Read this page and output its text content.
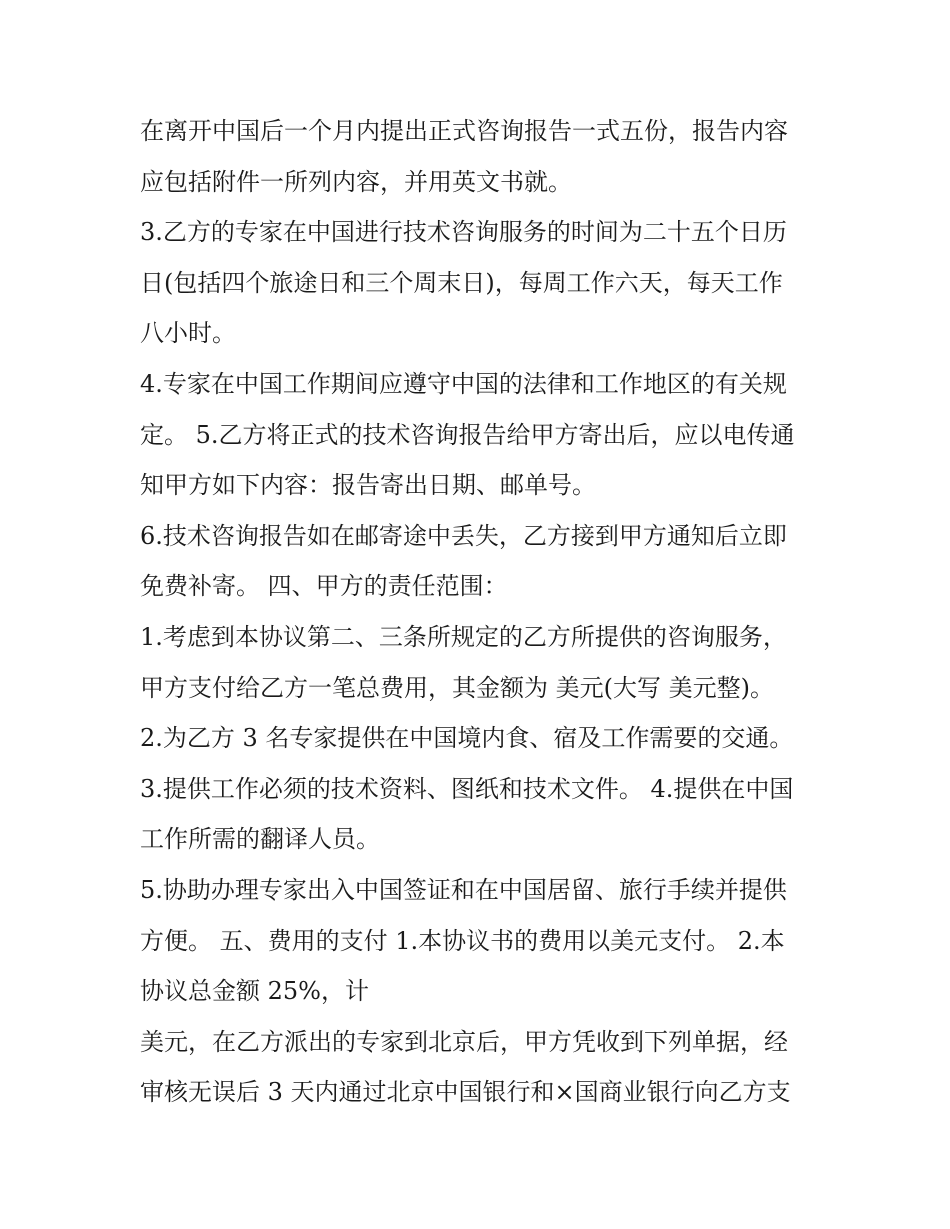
在离开中国后一个月内提出正式咨询报告一式五份，报告内容
应包括附件一所列内容，并用英文书就。
3.乙方的专家在中国进行技术咨询服务的时间为二十五个日历
日(包括四个旅途日和三个周末日)，每周工作六天，每天工作
八小时。
4.专家在中国工作期间应遵守中国的法律和工作地区的有关规
定。 5.乙方将正式的技术咨询报告给甲方寄出后，应以电传通
知甲方如下内容：报告寄出日期、邮单号。
6.技术咨询报告如在邮寄途中丢失，乙方接到甲方通知后立即
免费补寄。 四、甲方的责任范围：
1.考虑到本协议第二、三条所规定的乙方所提供的咨询服务，
甲方支付给乙方一笔总费用，其金额为 美元(大写 美元整)。
2.为乙方 3 名专家提供在中国境内食、宿及工作需要的交通。
3.提供工作必须的技术资料、图纸和技术文件。 4.提供在中国
工作所需的翻译人员。
5.协助办理专家出入中国签证和在中国居留、旅行手续并提供
方便。 五、费用的支付 1.本协议书的费用以美元支付。 2.本
协议总金额 25%，计
美元，在乙方派出的专家到北京后，甲方凭收到下列单据，经
审核无误后 3 天内通过北京中国银行和×国商业银行向乙方支
